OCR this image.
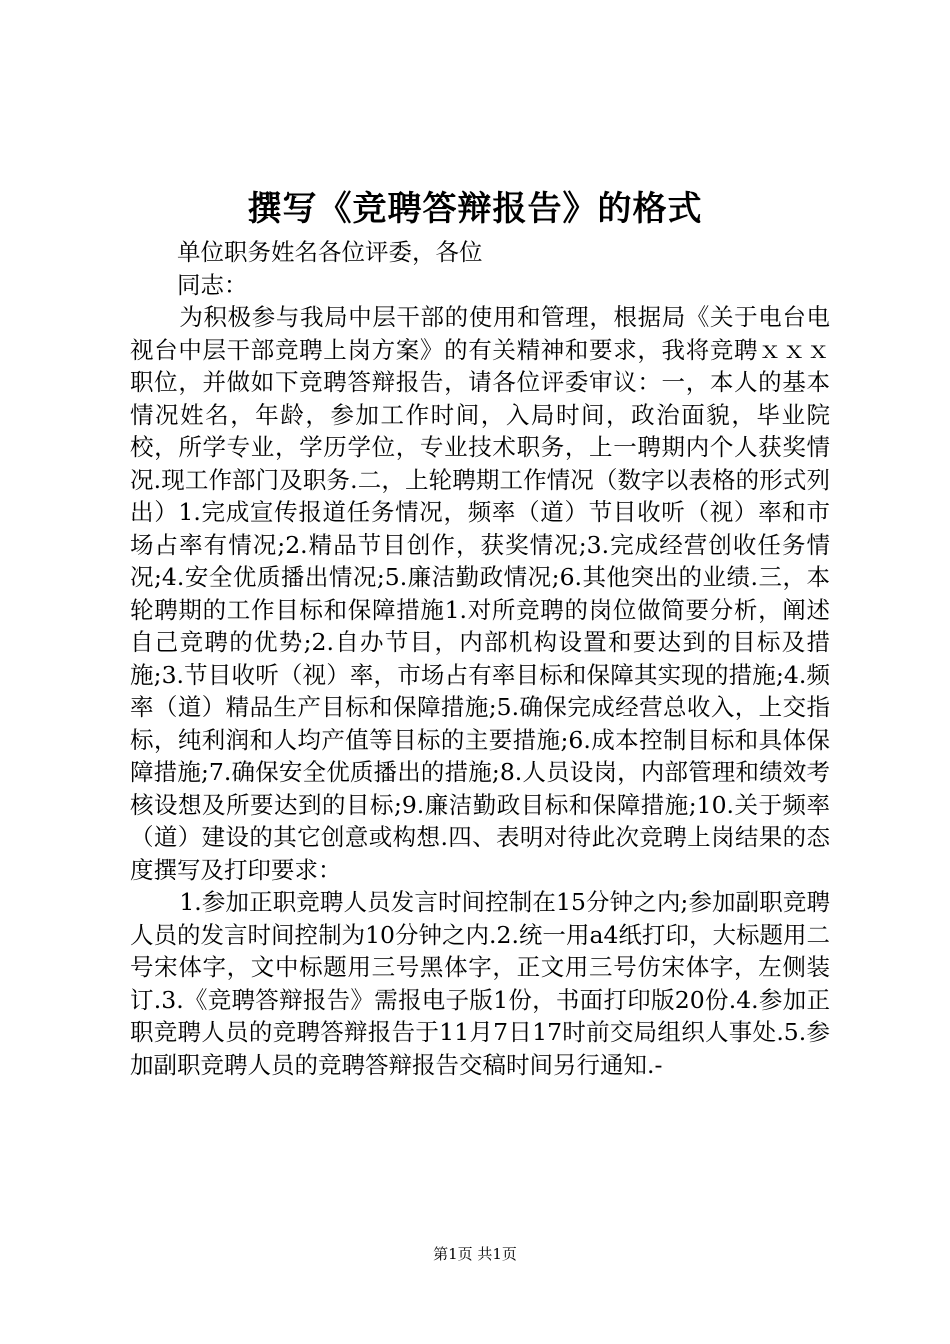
撰写《竞聘答辩报告》的格式

单位职务姓名各位评委，各位

同志：

为积极参与我局中层干部的使用和管理，根据局《关于电台电视台中层干部竞聘上岗方案》的有关精神和要求，我将竞聘ｘｘｘ职位，并做如下竞聘答辩报告，请各位评委审议：一，本人的基本情况姓名，年龄，参加工作时间，入局时间，政治面貌，毕业院校，所学专业，学历学位，专业技术职务，上一聘期内个人获奖情况.现工作部门及职务.二，上轮聘期工作情况（数字以表格的形式列出）1.完成宣传报道任务情况，频率（道）节目收听（视）率和市场占率有情况;2.精品节目创作，获奖情况;3.完成经营创收任务情况;4.安全优质播出情况;5.廉洁勤政情况;6.其他突出的业绩.三，本轮聘期的工作目标和保障措施1.对所竞聘的岗位做简要分析，阐述自己竞聘的优势;2.自办节目，内部机构设置和要达到的目标及措施;3.节目收听（视）率，市场占有率目标和保障其实现的措施;4.频率（道）精品生产目标和保障措施;5.确保完成经营总收入，上交指标，纯利润和人均产值等目标的主要措施;6.成本控制目标和具体保障措施;7.确保安全优质播出的措施;8.人员设岗，内部管理和绩效考核设想及所要达到的目标;9.廉洁勤政目标和保障措施;10.关于频率（道）建设的其它创意或构想.四、表明对待此次竞聘上岗结果的态度撰写及打印要求：

1.参加正职竞聘人员发言时间控制在15分钟之内;参加副职竞聘人员的发言时间控制为10分钟之内.2.统一用a4纸打印，大标题用二号宋体字，文中标题用三号黑体字，正文用三号仿宋体字，左侧装订.3.《竞聘答辩报告》需报电子版1份，书面打印版20份.4.参加正职竞聘人员的竞聘答辩报告于11月7日17时前交局组织人事处.5.参加副职竞聘人员的竞聘答辩报告交稿时间另行通知.-

第1页 共1页
